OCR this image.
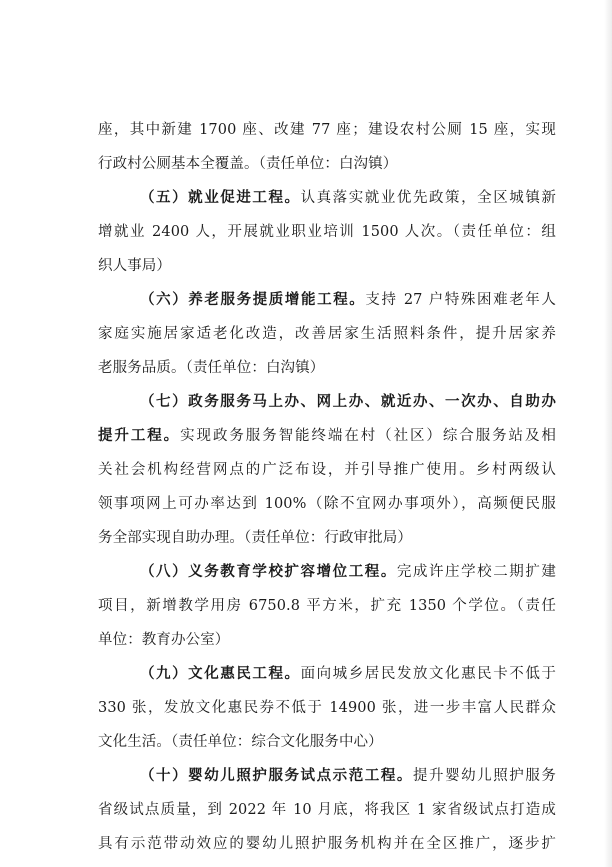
座，其中新建 1700 座、改建 77 座；建设农村公厕 15 座，实现
行政村公厕基本全覆盖。（责任单位：白沟镇）
（五）就业促进工程。认真落实就业优先政策，全区城镇新
增就业 2400 人，开展就业职业培训 1500 人次。（责任单位：组
织人事局）
（六）养老服务提质增能工程。支持 27 户特殊困难老年人
家庭实施居家适老化改造，改善居家生活照料条件，提升居家养
老服务品质。（责任单位：白沟镇）
（七）政务服务马上办、网上办、就近办、一次办、自助办
提升工程。实现政务服务智能终端在村（社区）综合服务站及相
关社会机构经营网点的广泛布设，并引导推广使用。乡村两级认
领事项网上可办率达到 100%（除不宜网办事项外），高频便民服
务全部实现自助办理。（责任单位：行政审批局）
（八）义务教育学校扩容增位工程。完成许庄学校二期扩建
项目，新增教学用房 6750.8 平方米，扩充 1350 个学位。（责任
单位：教育办公室）
（九）文化惠民工程。面向城乡居民发放文化惠民卡不低于
330 张，发放文化惠民券不低于 14900 张，进一步丰富人民群众
文化生活。（责任单位：综合文化服务中心）
（十）婴幼儿照护服务试点示范工程。提升婴幼儿照护服务
省级试点质量，到 2022 年 10 月底，将我区 1 家省级试点打造成
具有示范带动效应的婴幼儿照护服务机构并在全区推广，逐步扩
